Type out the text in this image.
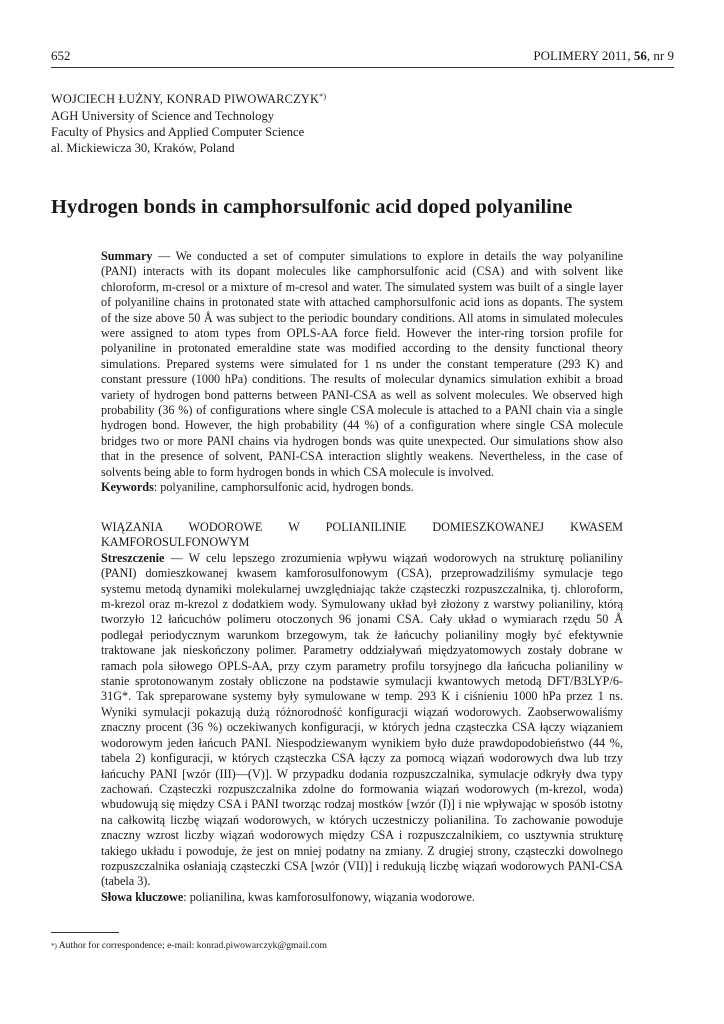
652	POLIMERY 2011, 56, nr 9
WOJCIECH ŁUŻNY, KONRAD PIWOWARCZYK*)
AGH University of Science and Technology
Faculty of Physics and Applied Computer Science
al. Mickiewicza 30, Kraków, Poland
Hydrogen bonds in camphorsulfonic acid doped polyaniline

Summary — We conducted a set of computer simulations to explore in details the way polyaniline (PANI) interacts with its dopant molecules like camphorsulfonic acid (CSA) and with solvent like chloroform, m-cresol or a mixture of m-cresol and water. The simulated system was built of a single layer of polyaniline chains in protonated state with attached camphorsulfonic acid ions as dopants. The system of the size above 50 Å was subject to the periodic boundary conditions. All atoms in simulated molecules were assigned to atom types from OPLS-AA force field. However the inter-ring torsion profile for polyaniline in protonated emeraldine state was modified according to the density functional theory simulations. Prepared systems were simulated for 1 ns under the constant temperature (293 K) and constant pressure (1000 hPa) conditions. The results of molecular dynamics simulation exhibit a broad variety of hydrogen bond patterns between PANI-CSA as well as solvent molecules. We observed high probability (36 %) of configurations where single CSA molecule is attached to a PANI chain via a single hydrogen bond. However, the high probability (44 %) of a configuration where single CSA molecule bridges two or more PANI chains via hydrogen bonds was quite unexpected. Our simulations show also that in the presence of solvent, PANI-CSA interaction slightly weakens. Nevertheless, in the case of solvents being able to form hydrogen bonds in which CSA molecule is involved.

Keywords: polyaniline, camphorsulfonic acid, hydrogen bonds.

WIĄZANIA WODOROWE W POLIANILINIE DOMIESZKOWANEJ KWASEM KAMFOROSULFONOWYM

Streszczenie — W celu lepszego zrozumienia wpływu wiązań wodorowych na strukturę polianiliny (PANI) domieszkowanej kwasem kamforosulfonowym (CSA), przeprowadziliśmy symulacje tego systemu metodą dynamiki molekularnej uwzględniając także cząsteczki rozpuszczalnika, tj. chloroform, m-krezol oraz m-krezol z dodatkiem wody. Symulowany układ był złożony z warstwy polianiliny, którą tworzyło 12 łańcuchów polimeru otoczonych 96 jonami CSA. Cały układ o wymiarach rzędu 50 Å podlegał periodycznym warunkom brzegowym, tak że łańcuchy polianiliny mogły być efektywnie traktowane jak nieskończony polimer. Parametry oddziaływań międzyatomowych zostały dobrane w ramach pola siłowego OPLS-AA, przy czym parametry profilu torsyjnego dla łańcucha polianiliny w stanie sprotonowanym zostały obliczone na podstawie symulacji kwantowych metodą DFT/B3LYP/6-31G*. Tak spreparowane systemy były symulowane w temp. 293 K i ciśnieniu 1000 hPa przez 1 ns. Wyniki symulacji pokazują dużą różnorodność konfiguracji wiązań wodorowych. Zaobserwowaliśmy znaczny procent (36 %) oczekiwanych konfiguracji, w których jedna cząsteczka CSA łączy wiązaniem wodorowym jeden łańcuch PANI. Niespodziewanym wynikiem było duże prawdopodobieństwo (44 %, tabela 2) konfiguracji, w których cząsteczka CSA łączy za pomocą wiązań wodorowych dwa lub trzy łańcuchy PANI [wzór (III)—(V)]. W przypadku dodania rozpuszczalnika, symulacje odkryły dwa typy zachowań. Cząsteczki rozpuszczalnika zdolne do formowania wiązań wodorowych (m-krezol, woda) wbudowują się między CSA i PANI tworząc rodzaj mostków [wzór (I)] i nie wpływając w sposób istotny na całkowitą liczbę wiązań wodorowych, w których uczestniczy polianilina. To zachowanie powoduje znaczny wzrost liczby wiązań wodorowych między CSA i rozpuszczalnikiem, co usztywnia strukturę takiego układu i powoduje, że jest on mniej podatny na zmiany. Z drugiej strony, cząsteczki dowolnego rozpuszczalnika osłaniają cząsteczki CSA [wzór (VII)] i redukują liczbę wiązań wodorowych PANI-CSA (tabela 3).

Słowa kluczowe: polianilina, kwas kamforosulfonowy, wiązania wodorowe.

*) Author for correspondence; e-mail: konrad.piwowarczyk@gmail.com
